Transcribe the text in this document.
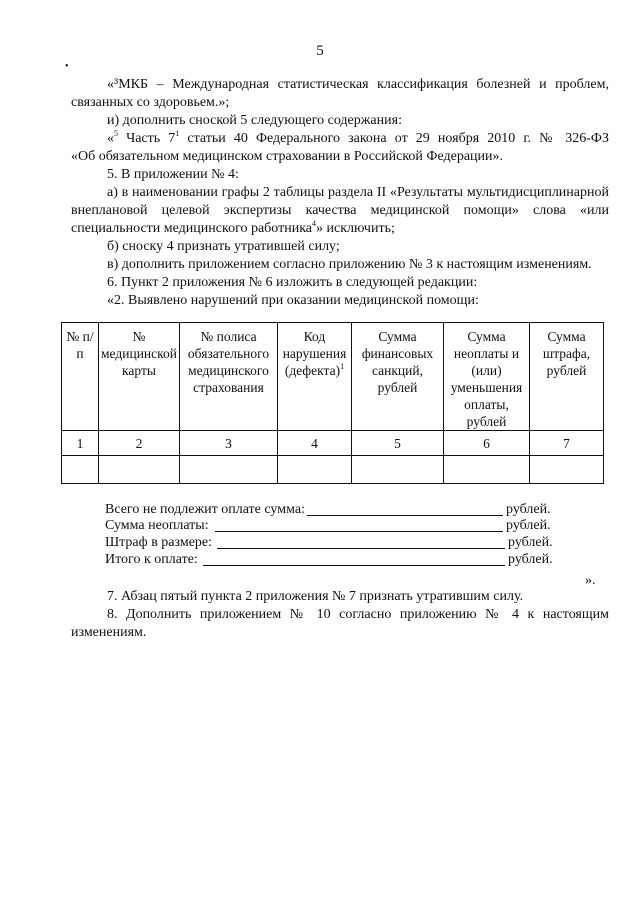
5
•

«³МКБ – Международная статистическая классификация болезней и проблем,

связанных со здоровьем.»;

и) дополнить сноской 5 следующего содержания:

«$^5$ Часть $7^1$ статьи 40 Федерального закона от 29 ноября 2010 г. № 326-ФЗ

«Об обязательном медицинском страховании в Российской Федерации».

5. В приложении № 4:

а) в наименовании графы 2 таблицы раздела II «Результаты мультидисциплинарной

внеплановой целевой экспертизы качества медицинской помощи» слова «или

специальности медицинского работника$^4$» исключить;

б) сноску 4 признать утратившей силу;

в) дополнить приложением согласно приложению № 3 к настоящим изменениям.

6. Пункт 2 приложения № 6 изложить в следующей редакции:

«2. Выявлено нарушений при оказании медицинской помощи:

№ п/п	№ медицинской карты	№ полиса обязательного медицинского страхования	Код нарушения (дефекта)$^1$	Сумма финансовых санкций, рублей	Сумма неоплаты и (или) уменьшения оплаты, рублей	Сумма штрафа, рублей
1	2	3	4	5	6	7

Всего не подлежит оплате сумма:	рублей.
Сумма неоплаты:	рублей.
Штраф в размере:	рублей.
Итого к оплате:	рублей.
».

7. Абзац пятый пункта 2 приложения № 7 признать утратившим силу.

8. Дополнить приложением № 10 согласно приложению № 4 к настоящим

изменениям.
